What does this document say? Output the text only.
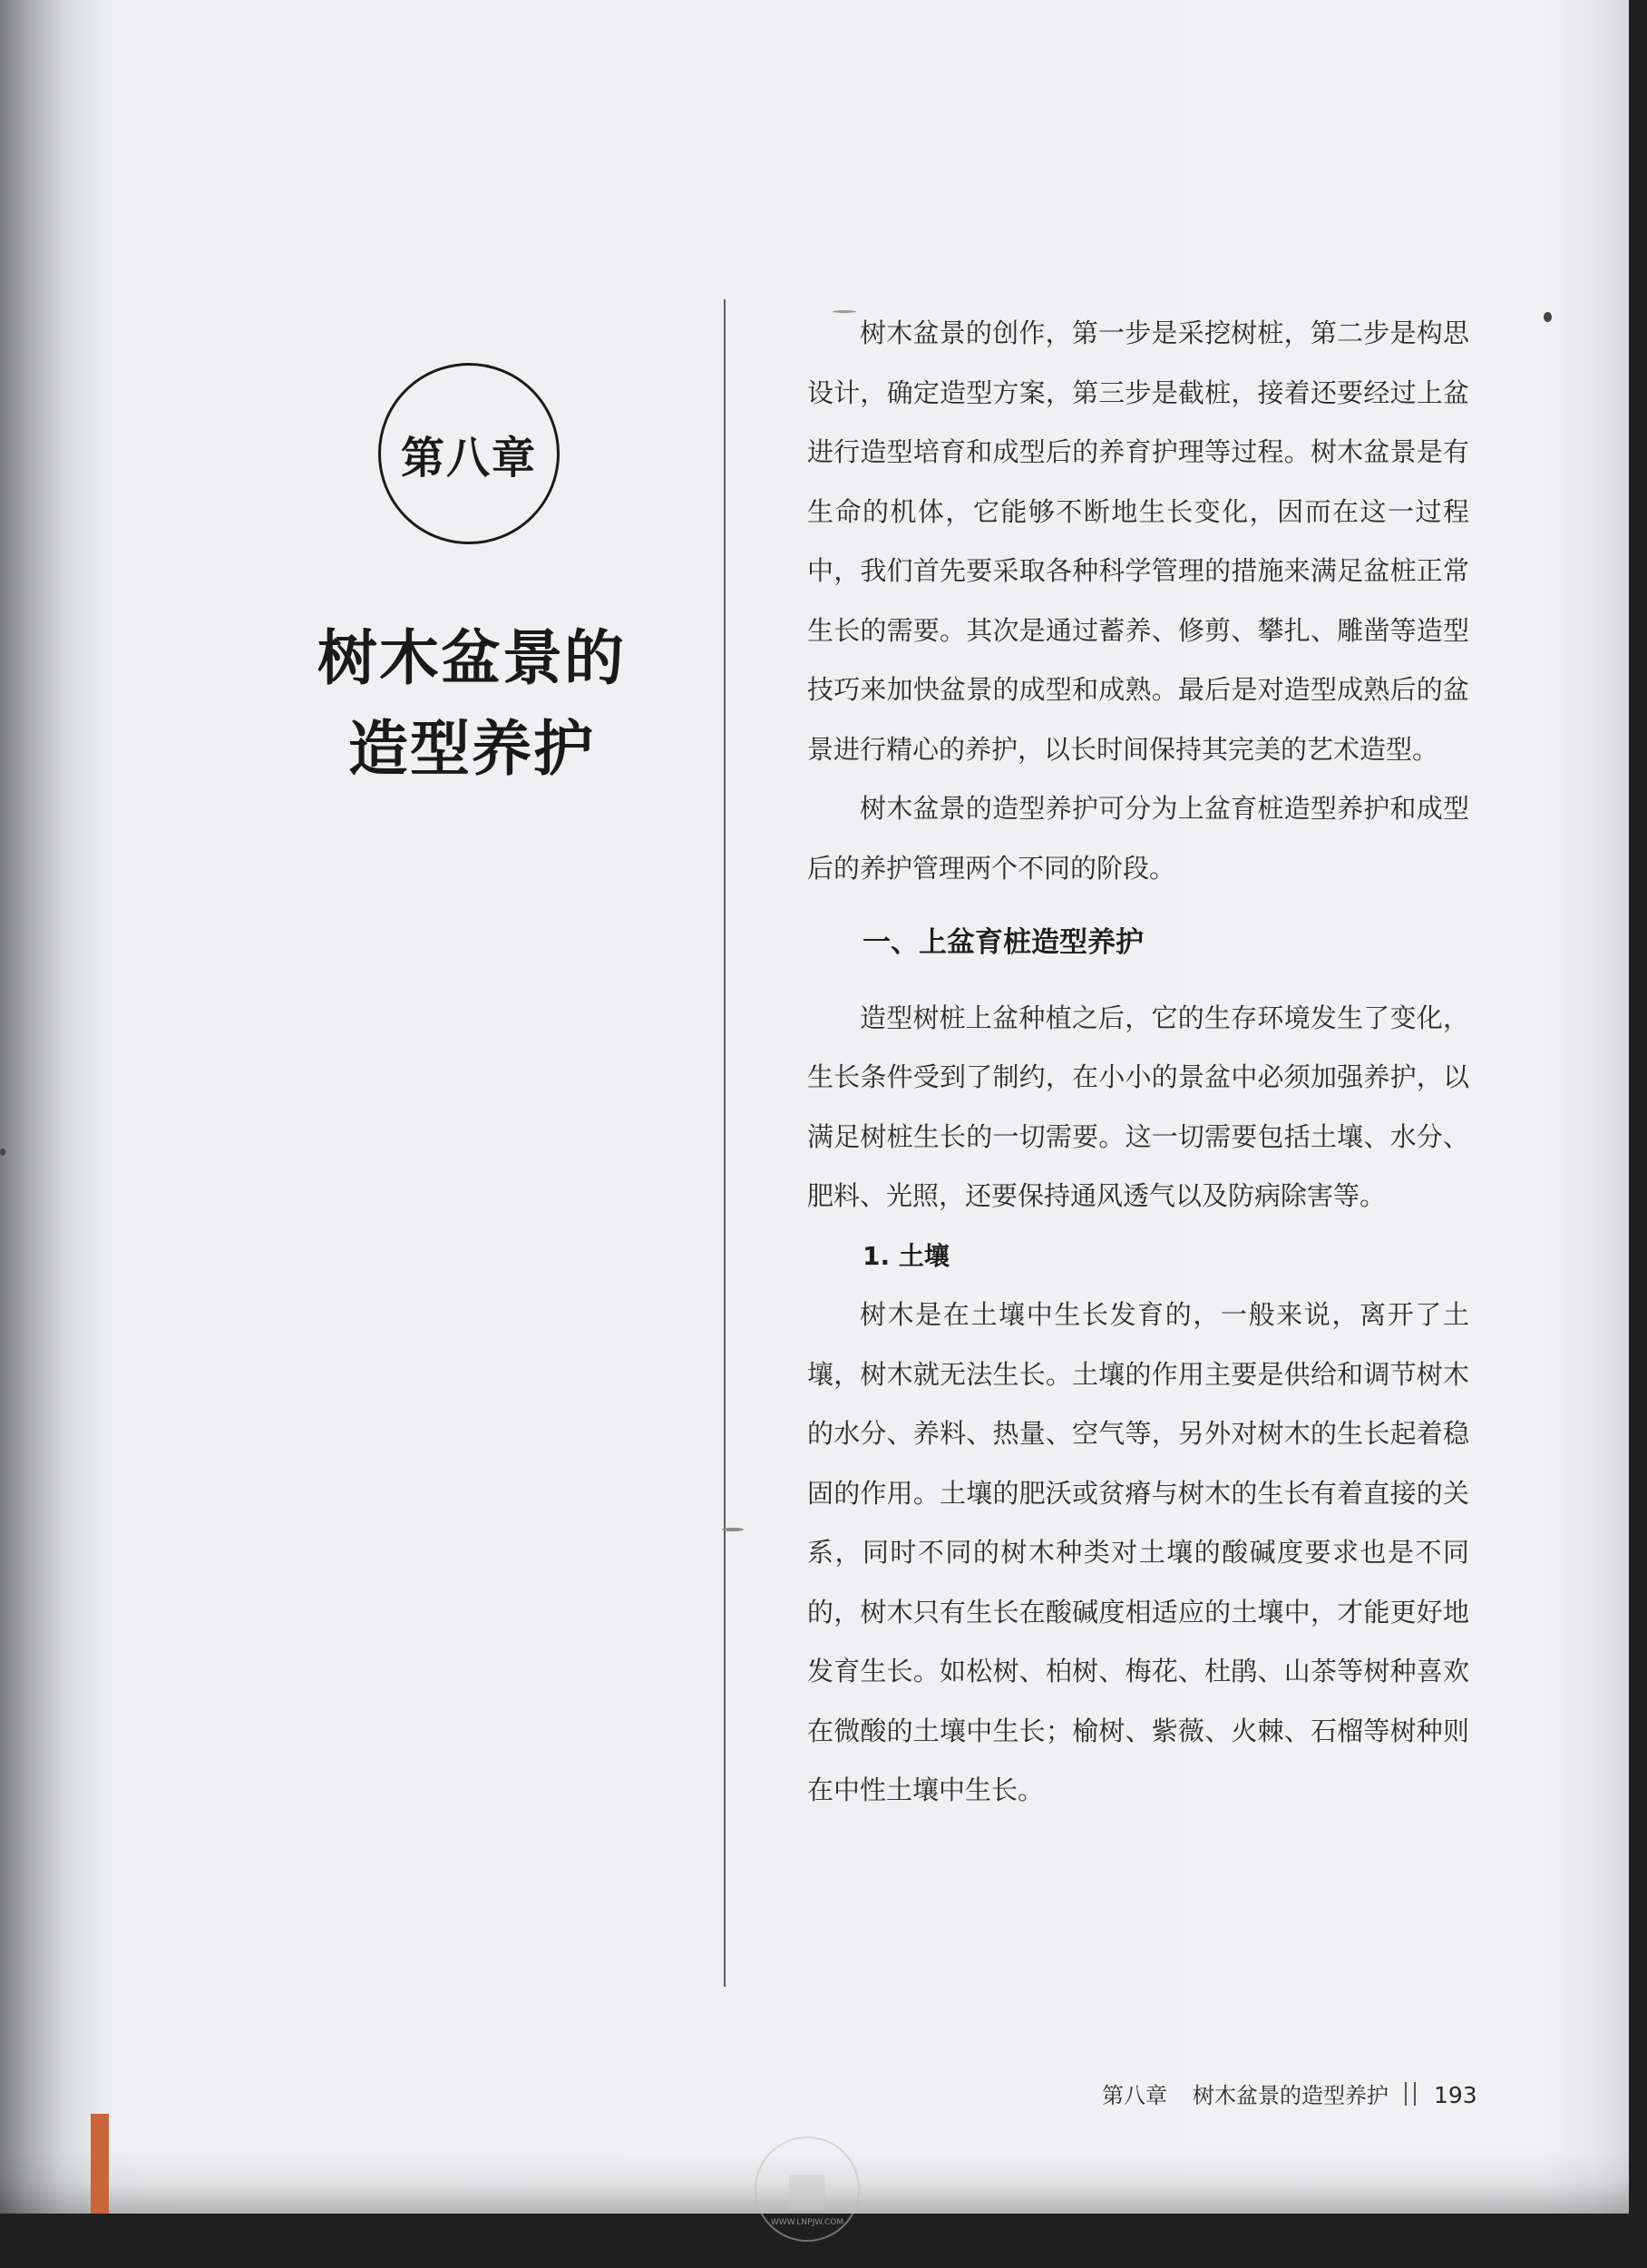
第八章
树木盆景的
造型养护

树木盆景的创作，第一步是采挖树桩，第二步是构思设计，确定造型方案，第三步是截桩，接着还要经过上盆进行造型培育和成型后的养育护理等过程。树木盆景是有生命的机体，它能够不断地生长变化，因而在这一过程中，我们首先要采取各种科学管理的措施来满足盆桩正常生长的需要。其次是通过蓄养、修剪、攀扎、雕凿等造型技巧来加快盆景的成型和成熟。最后是对造型成熟后的盆景进行精心的养护，以长时间保持其完美的艺术造型。

树木盆景的造型养护可分为上盆育桩造型养护和成型后的养护管理两个不同的阶段。

一、上盆育桩造型养护

造型树桩上盆种植之后，它的生存环境发生了变化，生长条件受到了制约，在小小的景盆中必须加强养护，以满足树桩生长的一切需要。这一切需要包括土壤、水分、肥料、光照，还要保持通风透气以及防病除害等。

1. 土壤

树木是在土壤中生长发育的，一般来说，离开了土壤，树木就无法生长。土壤的作用主要是供给和调节树木的水分、养料、热量、空气等，另外对树木的生长起着稳固的作用。土壤的肥沃或贫瘠与树木的生长有着直接的关系，同时不同的树木种类对土壤的酸碱度要求也是不同的，树木只有生长在酸碱度相适应的土壤中，才能更好地发育生长。如松树、柏树、梅花、杜鹃、山茶等树种喜欢在微酸的土壤中生长；榆树、紫薇、火棘、石榴等树种则在中性土壤中生长。

第八章 树木盆景的造型养护 193
WWW.LNPJW.COM
